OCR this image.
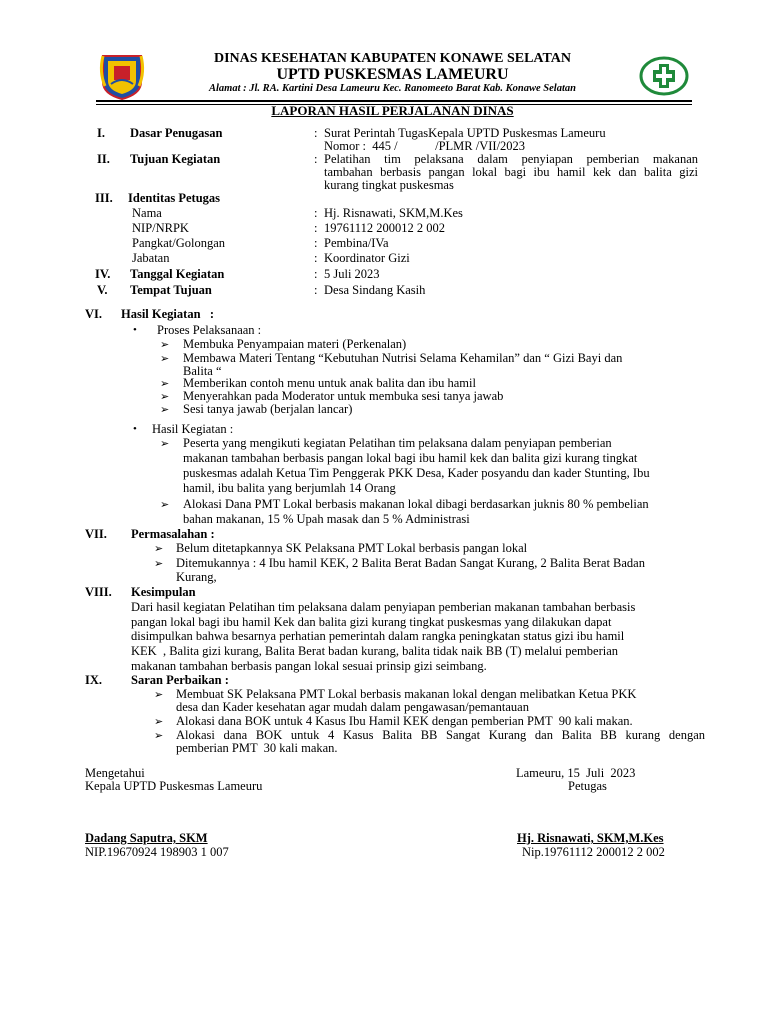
DINAS KESEHATAN KABUPATEN KONAWE SELATAN
UPTD PUSKESMAS LAMEURU
Alamat : Jl. RA. Kartini Desa Lameuru Kec. Ranomeeto Barat Kab. Konawe Selatan
LAPORAN HASIL PERJALANAN DINAS
I. Dasar Penugasan	: Surat Perintah TugasKepala UPTD Puskesmas Lameuru
Nomor :  445 /            /PLMR /VII/2023
II. Tujuan Kegiatan	: Pelatihan tim pelaksana dalam penyiapan pemberian makanan
tambahan berbasis pangan lokal bagi ibu hamil kek dan balita gizi
kurang tingkat puskesmas
III. Identitas Petugas
Nama	: Hj. Risnawati, SKM,M.Kes
NIP/NRPK	: 19761112 200012 2 002
Pangkat/Golongan	: Pembina/IVa
Jabatan	: Koordinator Gizi
IV. Tanggal Kegiatan	: 5 Juli 2023
V. Tempat Tujuan	: Desa Sindang Kasih
VI. Hasil Kegiatan   :
• Proses Pelaksanaan :
➢ Membuka Penyampaian materi (Perkenalan)
➢ Membawa Materi Tentang “Kebutuhan Nutrisi Selama Kehamilan” dan “ Gizi Bayi dan
Balita “
➢ Memberikan contoh menu untuk anak balita dan ibu hamil
➢ Menyerahkan pada Moderator untuk membuka sesi tanya jawab
➢ Sesi tanya jawab (berjalan lancar)
• Hasil Kegiatan :
➢ Peserta yang mengikuti kegiatan Pelatihan tim pelaksana dalam penyiapan pemberian
makanan tambahan berbasis pangan lokal bagi ibu hamil kek dan balita gizi kurang tingkat
puskesmas adalah Ketua Tim Penggerak PKK Desa, Kader posyandu dan kader Stunting, Ibu
hamil, ibu balita yang berjumlah 14 Orang
➢ Alokasi Dana PMT Lokal berbasis makanan lokal dibagi berdasarkan juknis 80 % pembelian
bahan makanan, 15 % Upah masak dan 5 % Administrasi
VII. Permasalahan :
➢ Belum ditetapkannya SK Pelaksana PMT Lokal berbasis pangan lokal
➢ Ditemukannya : 4 Ibu hamil KEK, 2 Balita Berat Badan Sangat Kurang, 2 Balita Berat Badan
Kurang,
VIII. Kesimpulan
Dari hasil kegiatan Pelatihan tim pelaksana dalam penyiapan pemberian makanan tambahan berbasis
pangan lokal bagi ibu hamil Kek dan balita gizi kurang tingkat puskesmas yang dilakukan dapat
disimpulkan bahwa besarnya perhatian pemerintah dalam rangka peningkatan status gizi ibu hamil
KEK  , Balita gizi kurang, Balita Berat badan kurang, balita tidak naik BB (T) melalui pemberian
makanan tambahan berbasis pangan lokal sesuai prinsip gizi seimbang.
IX. Saran Perbaikan :
➢ Membuat SK Pelaksana PMT Lokal berbasis makanan lokal dengan melibatkan Ketua PKK
desa dan Kader kesehatan agar mudah dalam pengawasan/pemantauan
➢ Alokasi dana BOK untuk 4 Kasus Ibu Hamil KEK dengan pemberian PMT  90 kali makan.
➢ Alokasi dana BOK untuk 4 Kasus Balita BB Sangat Kurang dan Balita BB kurang dengan
pemberian PMT  30 kali makan.
Mengetahui
Kepala UPTD Puskesmas Lameuru
Dadang Saputra, SKM
NIP.19670924 198903 1 007
Lameuru, 15  Juli  2023
Petugas
Hj. Risnawati, SKM,M.Kes
Nip.19761112 200012 2 002
